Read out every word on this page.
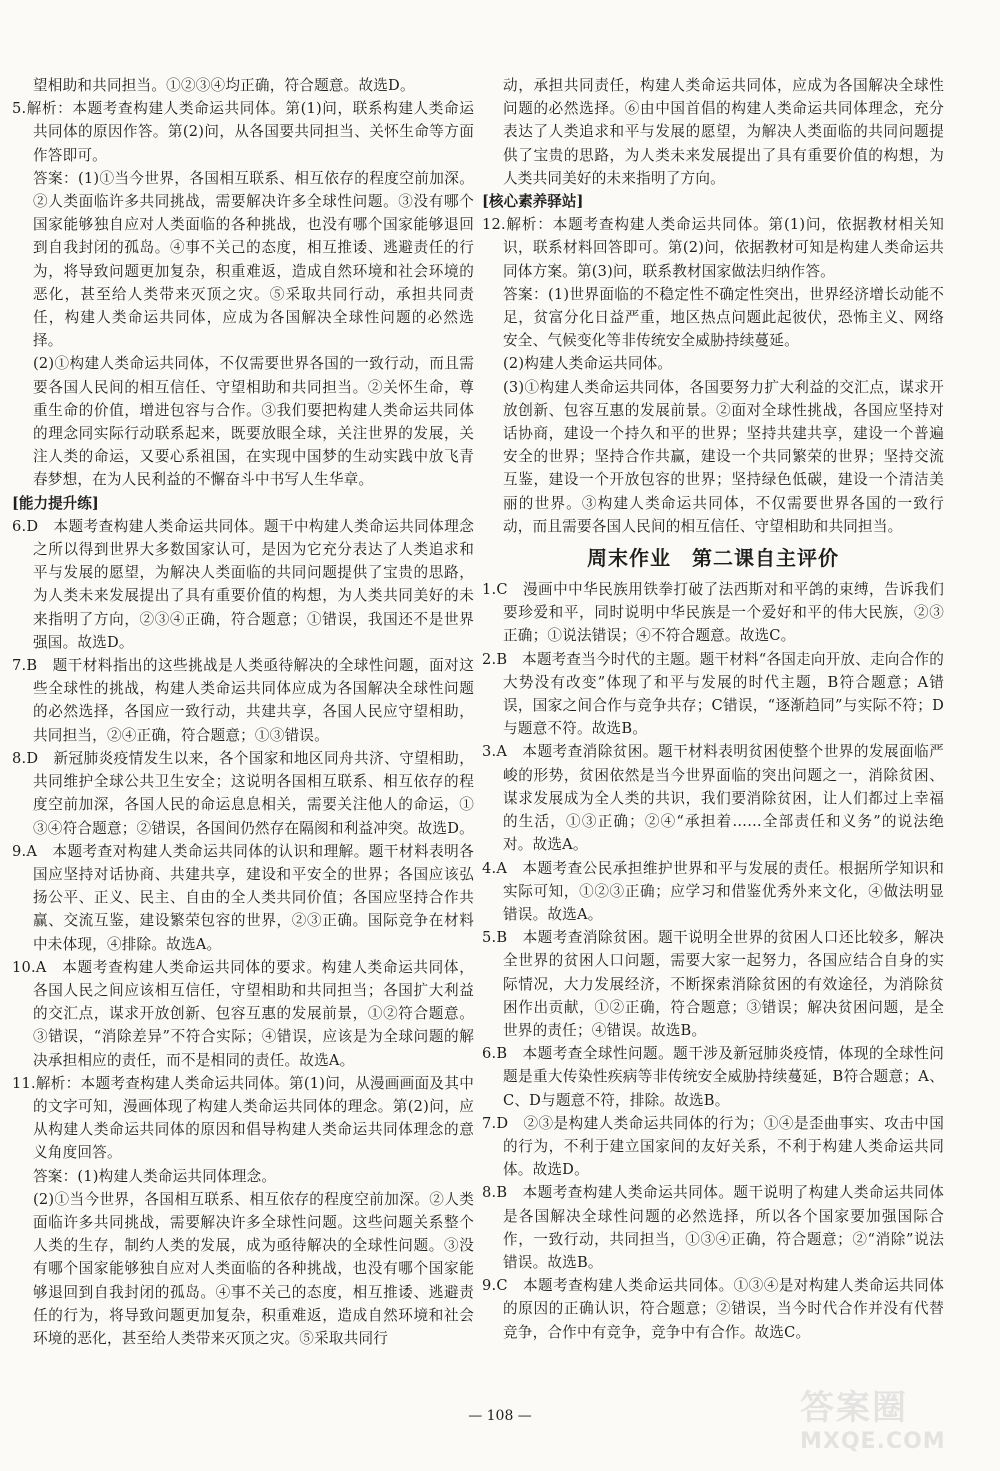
望相助和共同担当。①②③④均正确，符合题意。故选D。

5.解析：本题考查构建人类命运共同体。第(1)问，联系构建人类命运共同体的原因作答。第(2)问，从各国要共同担当、关怀生命等方面作答即可。

答案：(1)①当今世界，各国相互联系、相互依存的程度空前加深。②人类面临许多共同挑战，需要解决许多全球性问题。③没有哪个国家能够独自应对人类面临的各种挑战，也没有哪个国家能够退回到自我封闭的孤岛。④事不关己的态度，相互推诿、逃避责任的行为，将导致问题更加复杂，积重难返，造成自然环境和社会环境的恶化，甚至给人类带来灭顶之灾。⑤采取共同行动，承担共同责任，构建人类命运共同体，应成为各国解决全球性问题的必然选择。

(2)①构建人类命运共同体，不仅需要世界各国的一致行动，而且需要各国人民间的相互信任、守望相助和共同担当。②关怀生命，尊重生命的价值，增进包容与合作。③我们要把构建人类命运共同体的理念同实际行动联系起来，既要放眼全球，关注世界的发展，关注人类的命运，又要心系祖国，在实现中国梦的生动实践中放飞青春梦想，在为人民利益的不懈奋斗中书写人生华章。

[能力提升练]

6.D　本题考查构建人类命运共同体。题干中构建人类命运共同体理念之所以得到世界大多数国家认可，是因为它充分表达了人类追求和平与发展的愿望，为解决人类面临的共同问题提供了宝贵的思路，为人类未来发展提出了具有重要价值的构想，为人类共同美好的未来指明了方向，②③④正确，符合题意；①错误，我国还不是世界强国。故选D。

7.B　题干材料指出的这些挑战是人类亟待解决的全球性问题，面对这些全球性的挑战，构建人类命运共同体应成为各国解决全球性问题的必然选择，各国应一致行动，共建共享，各国人民应守望相助，共同担当，②④正确，符合题意；①③错误。

8.D　新冠肺炎疫情发生以来，各个国家和地区同舟共济、守望相助，共同维护全球公共卫生安全；这说明各国相互联系、相互依存的程度空前加深，各国人民的命运息息相关，需要关注他人的命运，①③④符合题意；②错误，各国间仍然存在隔阂和利益冲突。故选D。

9.A　本题考查对构建人类命运共同体的认识和理解。题干材料表明各国应坚持对话协商、共建共享，建设和平安全的世界；各国应该弘扬公平、正义、民主、自由的全人类共同价值；各国应坚持合作共赢、交流互鉴，建设繁荣包容的世界，②③正确。国际竞争在材料中未体现，④排除。故选A。

10.A　本题考查构建人类命运共同体的要求。构建人类命运共同体，各国人民之间应该相互信任，守望相助和共同担当；各国扩大利益的交汇点，谋求开放创新、包容互惠的发展前景，①②符合题意。③错误，“消除差异”不符合实际；④错误，应该是为全球问题的解决承担相应的责任，而不是相同的责任。故选A。

11.解析：本题考查构建人类命运共同体。第(1)问，从漫画画面及其中的文字可知，漫画体现了构建人类命运共同体的理念。第(2)问，应从构建人类命运共同体的原因和倡导构建人类命运共同体理念的意义角度回答。

答案：(1)构建人类命运共同体理念。

(2)①当今世界，各国相互联系、相互依存的程度空前加深。②人类面临许多共同挑战，需要解决许多全球性问题。这些问题关系整个人类的生存，制约人类的发展，成为亟待解决的全球性问题。③没有哪个国家能够独自应对人类面临的各种挑战，也没有哪个国家能够退回到自我封闭的孤岛。④事不关己的态度，相互推诿、逃避责任的行为，将导致问题更加复杂，积重难返，造成自然环境和社会环境的恶化，甚至给人类带来灭顶之灾。⑤采取共同行

动，承担共同责任，构建人类命运共同体，应成为各国解决全球性问题的必然选择。⑥由中国首倡的构建人类命运共同体理念，充分表达了人类追求和平与发展的愿望，为解决人类面临的共同问题提供了宝贵的思路，为人类未来发展提出了具有重要价值的构想，为人类共同美好的未来指明了方向。

[核心素养驿站]

12.解析：本题考查构建人类命运共同体。第(1)问，依据教材相关知识，联系材料回答即可。第(2)问，依据教材可知是构建人类命运共同体方案。第(3)问，联系教材国家做法归纳作答。

答案：(1)世界面临的不稳定性不确定性突出，世界经济增长动能不足，贫富分化日益严重，地区热点问题此起彼伏，恐怖主义、网络安全、气候变化等非传统安全威胁持续蔓延。

(2)构建人类命运共同体。

(3)①构建人类命运共同体，各国要努力扩大利益的交汇点，谋求开放创新、包容互惠的发展前景。②面对全球性挑战，各国应坚持对话协商，建设一个持久和平的世界；坚持共建共享，建设一个普遍安全的世界；坚持合作共赢，建设一个共同繁荣的世界；坚持交流互鉴，建设一个开放包容的世界；坚持绿色低碳，建设一个清洁美丽的世界。③构建人类命运共同体，不仅需要世界各国的一致行动，而且需要各国人民间的相互信任、守望相助和共同担当。

周末作业　第二课自主评价

1.C　漫画中中华民族用铁拳打破了法西斯对和平鸽的束缚，告诉我们要珍爱和平，同时说明中华民族是一个爱好和平的伟大民族，②③正确；①说法错误；④不符合题意。故选C。

2.B　本题考查当今时代的主题。题干材料“各国走向开放、走向合作的大势没有改变”体现了和平与发展的时代主题，B符合题意；A错误，国家之间合作与竞争共存；C错误，“逐渐趋同”与实际不符；D与题意不符。故选B。

3.A　本题考查消除贫困。题干材料表明贫困使整个世界的发展面临严峻的形势，贫困依然是当今世界面临的突出问题之一，消除贫困、谋求发展成为全人类的共识，我们要消除贫困，让人们都过上幸福的生活，①③正确；②④“承担着……全部责任和义务”的说法绝对。故选A。

4.A　本题考查公民承担维护世界和平与发展的责任。根据所学知识和实际可知，①②③正确；应学习和借鉴优秀外来文化，④做法明显错误。故选A。

5.B　本题考查消除贫困。题干说明全世界的贫困人口还比较多，解决全世界的贫困人口问题，需要大家一起努力，各国应结合自身的实际情况，大力发展经济，不断探索消除贫困的有效途径，为消除贫困作出贡献，①②正确，符合题意；③错误；解决贫困问题，是全世界的责任；④错误。故选B。

6.B　本题考查全球性问题。题干涉及新冠肺炎疫情，体现的全球性问题是重大传染性疾病等非传统安全威胁持续蔓延，B符合题意；A、C、D与题意不符，排除。故选B。

7.D　②③是构建人类命运共同体的行为；①④是歪曲事实、攻击中国的行为，不利于建立国家间的友好关系，不利于构建人类命运共同体。故选D。

8.B　本题考查构建人类命运共同体。题干说明了构建人类命运共同体是各国解决全球性问题的必然选择，所以各个国家要加强国际合作，一致行动，共同担当，①③④正确，符合题意；②“消除”说法错误。故选B。

9.C　本题考查构建人类命运共同体。①③④是对构建人类命运共同体的原因的正确认识，符合题意；②错误，当今时代合作并没有代替竞争，合作中有竞争，竞争中有合作。故选C。

— 108 —	答案圈
MXQE.COM
